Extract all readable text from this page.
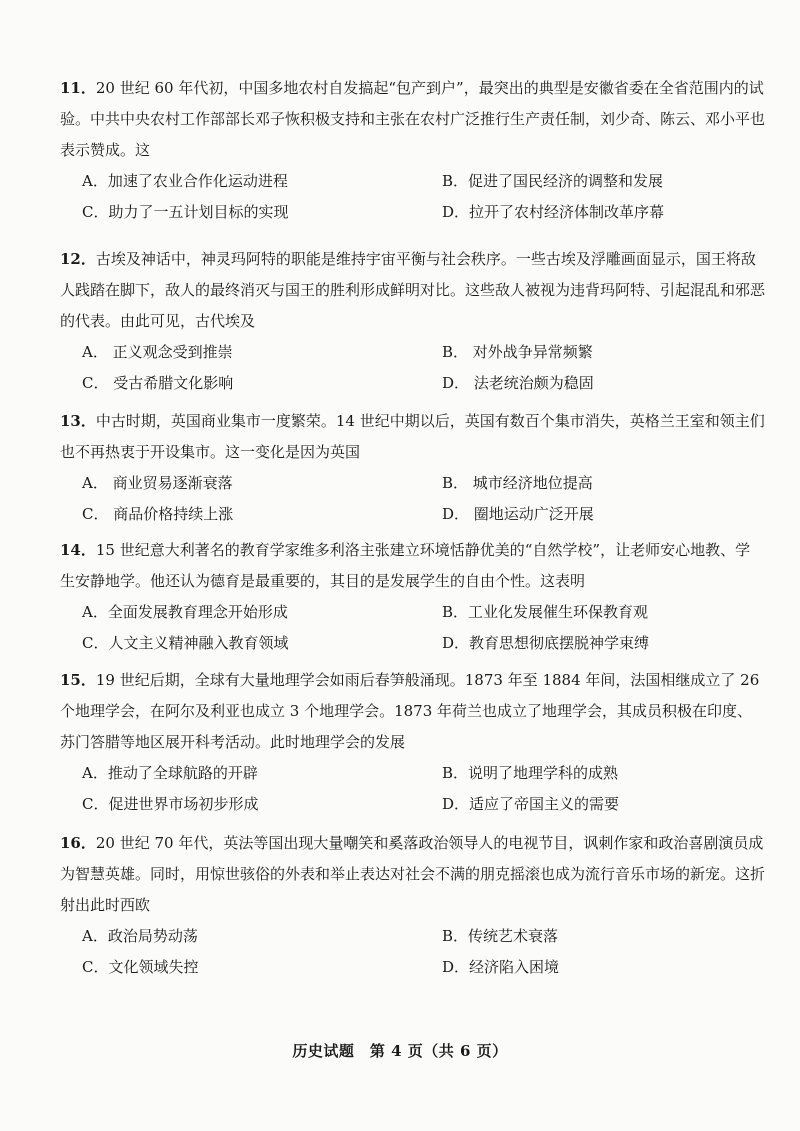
11．20 世纪 60 年代初，中国多地农村自发搞起“包产到户”，最突出的典型是安徽省委在全省范围内的试验。中共中央农村工作部部长邓子恢积极支持和主张在农村广泛推行生产责任制，刘少奇、陈云、邓小平也表示赞成。这

A．加速了农业合作化运动进程	B．促进了国民经济的调整和发展
C．助力了一五计划目标的实现	D．拉开了农村经济体制改革序幕

12．古埃及神话中，神灵玛阿特的职能是维持宇宙平衡与社会秩序。一些古埃及浮雕画面显示，国王将敌人践踏在脚下，敌人的最终消灭与国王的胜利形成鲜明对比。这些敌人被视为违背玛阿特、引起混乱和邪恶的代表。由此可见，古代埃及

A． 正义观念受到推崇	B． 对外战争异常频繁
C． 受古希腊文化影响	D． 法老统治颇为稳固

13．中古时期，英国商业集市一度繁荣。14 世纪中期以后，英国有数百个集市消失，英格兰王室和领主们也不再热衷于开设集市。这一变化是因为英国

A． 商业贸易逐渐衰落	B． 城市经济地位提高
C． 商品价格持续上涨	D． 圈地运动广泛开展

14．15 世纪意大利著名的教育学家维多利洛主张建立环境恬静优美的“自然学校”，让老师安心地教、学生安静地学。他还认为德育是最重要的，其目的是发展学生的自由个性。这表明

A．全面发展教育理念开始形成	B．工业化发展催生环保教育观
C．人文主义精神融入教育领域	D．教育思想彻底摆脱神学束缚

15．19 世纪后期，全球有大量地理学会如雨后春笋般涌现。1873 年至 1884 年间，法国相继成立了 26 个地理学会，在阿尔及利亚也成立 3 个地理学会。1873 年荷兰也成立了地理学会，其成员积极在印度、苏门答腊等地区展开科考活动。此时地理学会的发展

A．推动了全球航路的开辟	B．说明了地理学科的成熟
C．促进世界市场初步形成	D．适应了帝国主义的需要

16．20 世纪 70 年代，英法等国出现大量嘲笑和奚落政治领导人的电视节目，讽刺作家和政治喜剧演员成为智慧英雄。同时，用惊世骇俗的外表和举止表达对社会不满的朋克摇滚也成为流行音乐市场的新宠。这折射出此时西欧

A．政治局势动荡	B．传统艺术衰落
C．文化领域失控	D．经济陷入困境
历史试题　第 4 页（共 6 页）
